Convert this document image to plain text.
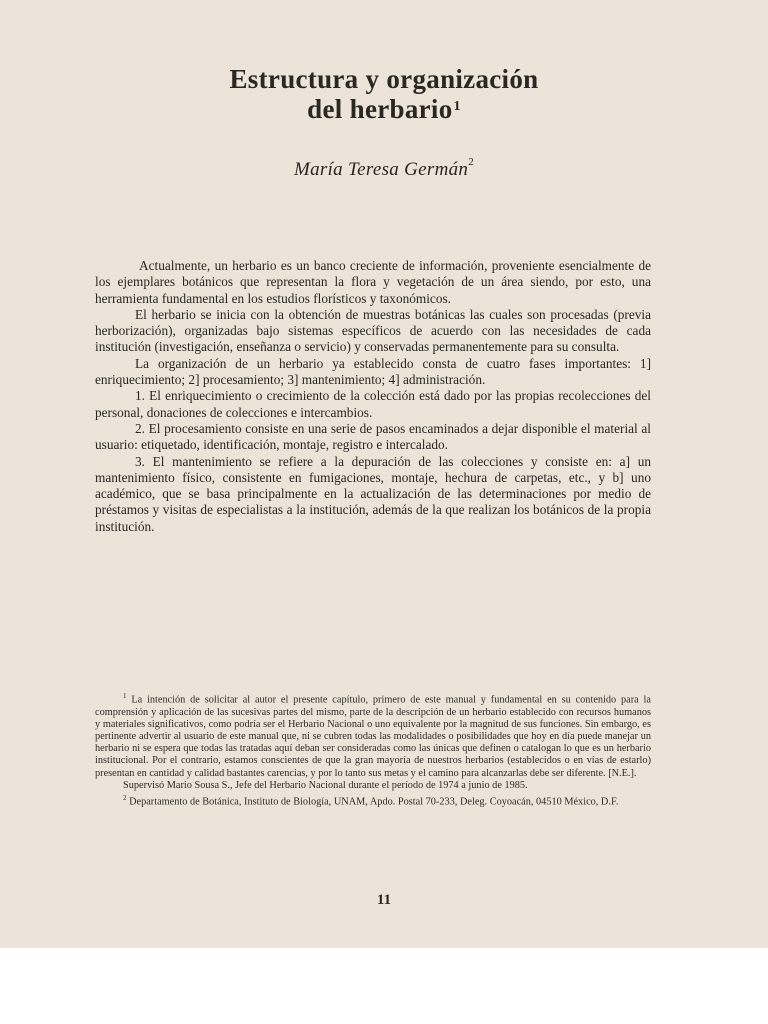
Estructura y organización
del herbario$^1$
María Teresa Germán$^2$

Actualmente, un herbario es un banco creciente de información, proveniente esencialmente de los ejemplares botánicos que representan la flora y vegetación de un área siendo, por esto, una herramienta fundamental en los estudios florísticos y taxonómicos.

El herbario se inicia con la obtención de muestras botánicas las cuales son procesadas (previa herborización), organizadas bajo sistemas específicos de acuerdo con las necesidades de cada institución (investigación, enseñanza o servicio) y conservadas permanentemente para su consulta.

La organización de un herbario ya establecido consta de cuatro fases importantes: 1] enriquecimiento; 2] procesamiento; 3] mantenimiento; 4] administración.

1. El enriquecimiento o crecimiento de la colección está dado por las propias recolecciones del personal, donaciones de colecciones e intercambios.

2. El procesamiento consiste en una serie de pasos encaminados a dejar disponible el material al usuario: etiquetado, identificación, montaje, registro e intercalado.

3. El mantenimiento se refiere a la depuración de las colecciones y consiste en: a] un mantenimiento físico, consistente en fumigaciones, montaje, hechura de carpetas, etc., y b] uno académico, que se basa principalmente en la actualización de las determinaciones por medio de préstamos y visitas de especialistas a la institución, además de la que realizan los botánicos de la propia institución.

$^1$ La intención de solicitar al autor el presente capítulo, primero de este manual y fundamental en su contenido para la comprensión y aplicación de las sucesivas partes del mismo, parte de la descripción de un herbario establecido con recursos humanos y materiales significativos, como podría ser el Herbario Nacional o uno equivalente por la magnitud de sus funciones. Sin embargo, es pertinente advertir al usuario de este manual que, ni se cubren todas las modalidades o posibilidades que hoy en día puede manejar un herbario ni se espera que todas las tratadas aquí deban ser consideradas como las únicas que definen o catalogan lo que es un herbario institucional. Por el contrario, estamos conscientes de que la gran mayoría de nuestros herbarios (establecidos o en vías de estarlo) presentan en cantidad y calidad bastantes carencias, y por lo tanto sus metas y el camino para alcanzarlas debe ser diferente. [N.E.].

Supervisó Mario Sousa S., Jefe del Herbario Nacional durante el período de 1974 a junio de 1985.

$^2$ Departamento de Botánica, Instituto de Biología, UNAM, Apdo. Postal 70-233, Deleg. Coyoacán, 04510 México, D.F.

11
